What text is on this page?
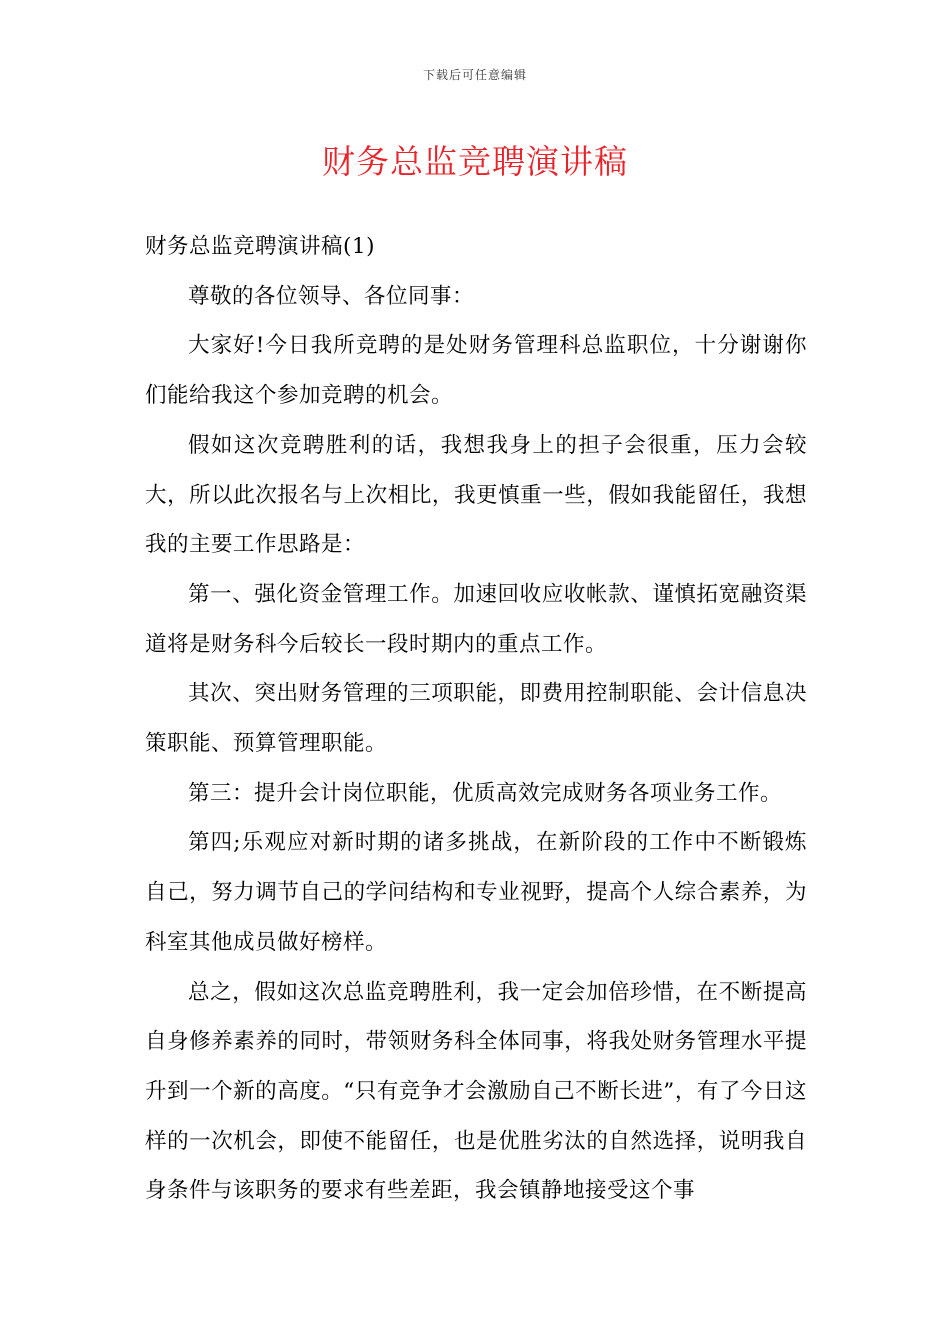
下载后可任意编辑
财务总监竞聘演讲稿

财务总监竞聘演讲稿(1)

尊敬的各位领导、各位同事：

大家好!今日我所竞聘的是处财务管理科总监职位，十分谢谢你们能给我这个参加竞聘的机会。

假如这次竞聘胜利的话，我想我身上的担子会很重，压力会较大，所以此次报名与上次相比，我更慎重一些，假如我能留任，我想我的主要工作思路是：

第一、强化资金管理工作。加速回收应收帐款、谨慎拓宽融资渠道将是财务科今后较长一段时期内的重点工作。

其次、突出财务管理的三项职能，即费用控制职能、会计信息决策职能、预算管理职能。

第三：提升会计岗位职能，优质高效完成财务各项业务工作。

第四;乐观应对新时期的诸多挑战，在新阶段的工作中不断锻炼自己，努力调节自己的学问结构和专业视野，提高个人综合素养，为科室其他成员做好榜样。

总之，假如这次总监竞聘胜利，我一定会加倍珍惜，在不断提高自身修养素养的同时，带领财务科全体同事，将我处财务管理水平提升到一个新的高度。“只有竞争才会激励自己不断长进”，有了今日这样的一次机会，即使不能留任，也是优胜劣汰的自然选择，说明我自身条件与该职务的要求有些差距，我会镇静地接受这个事
